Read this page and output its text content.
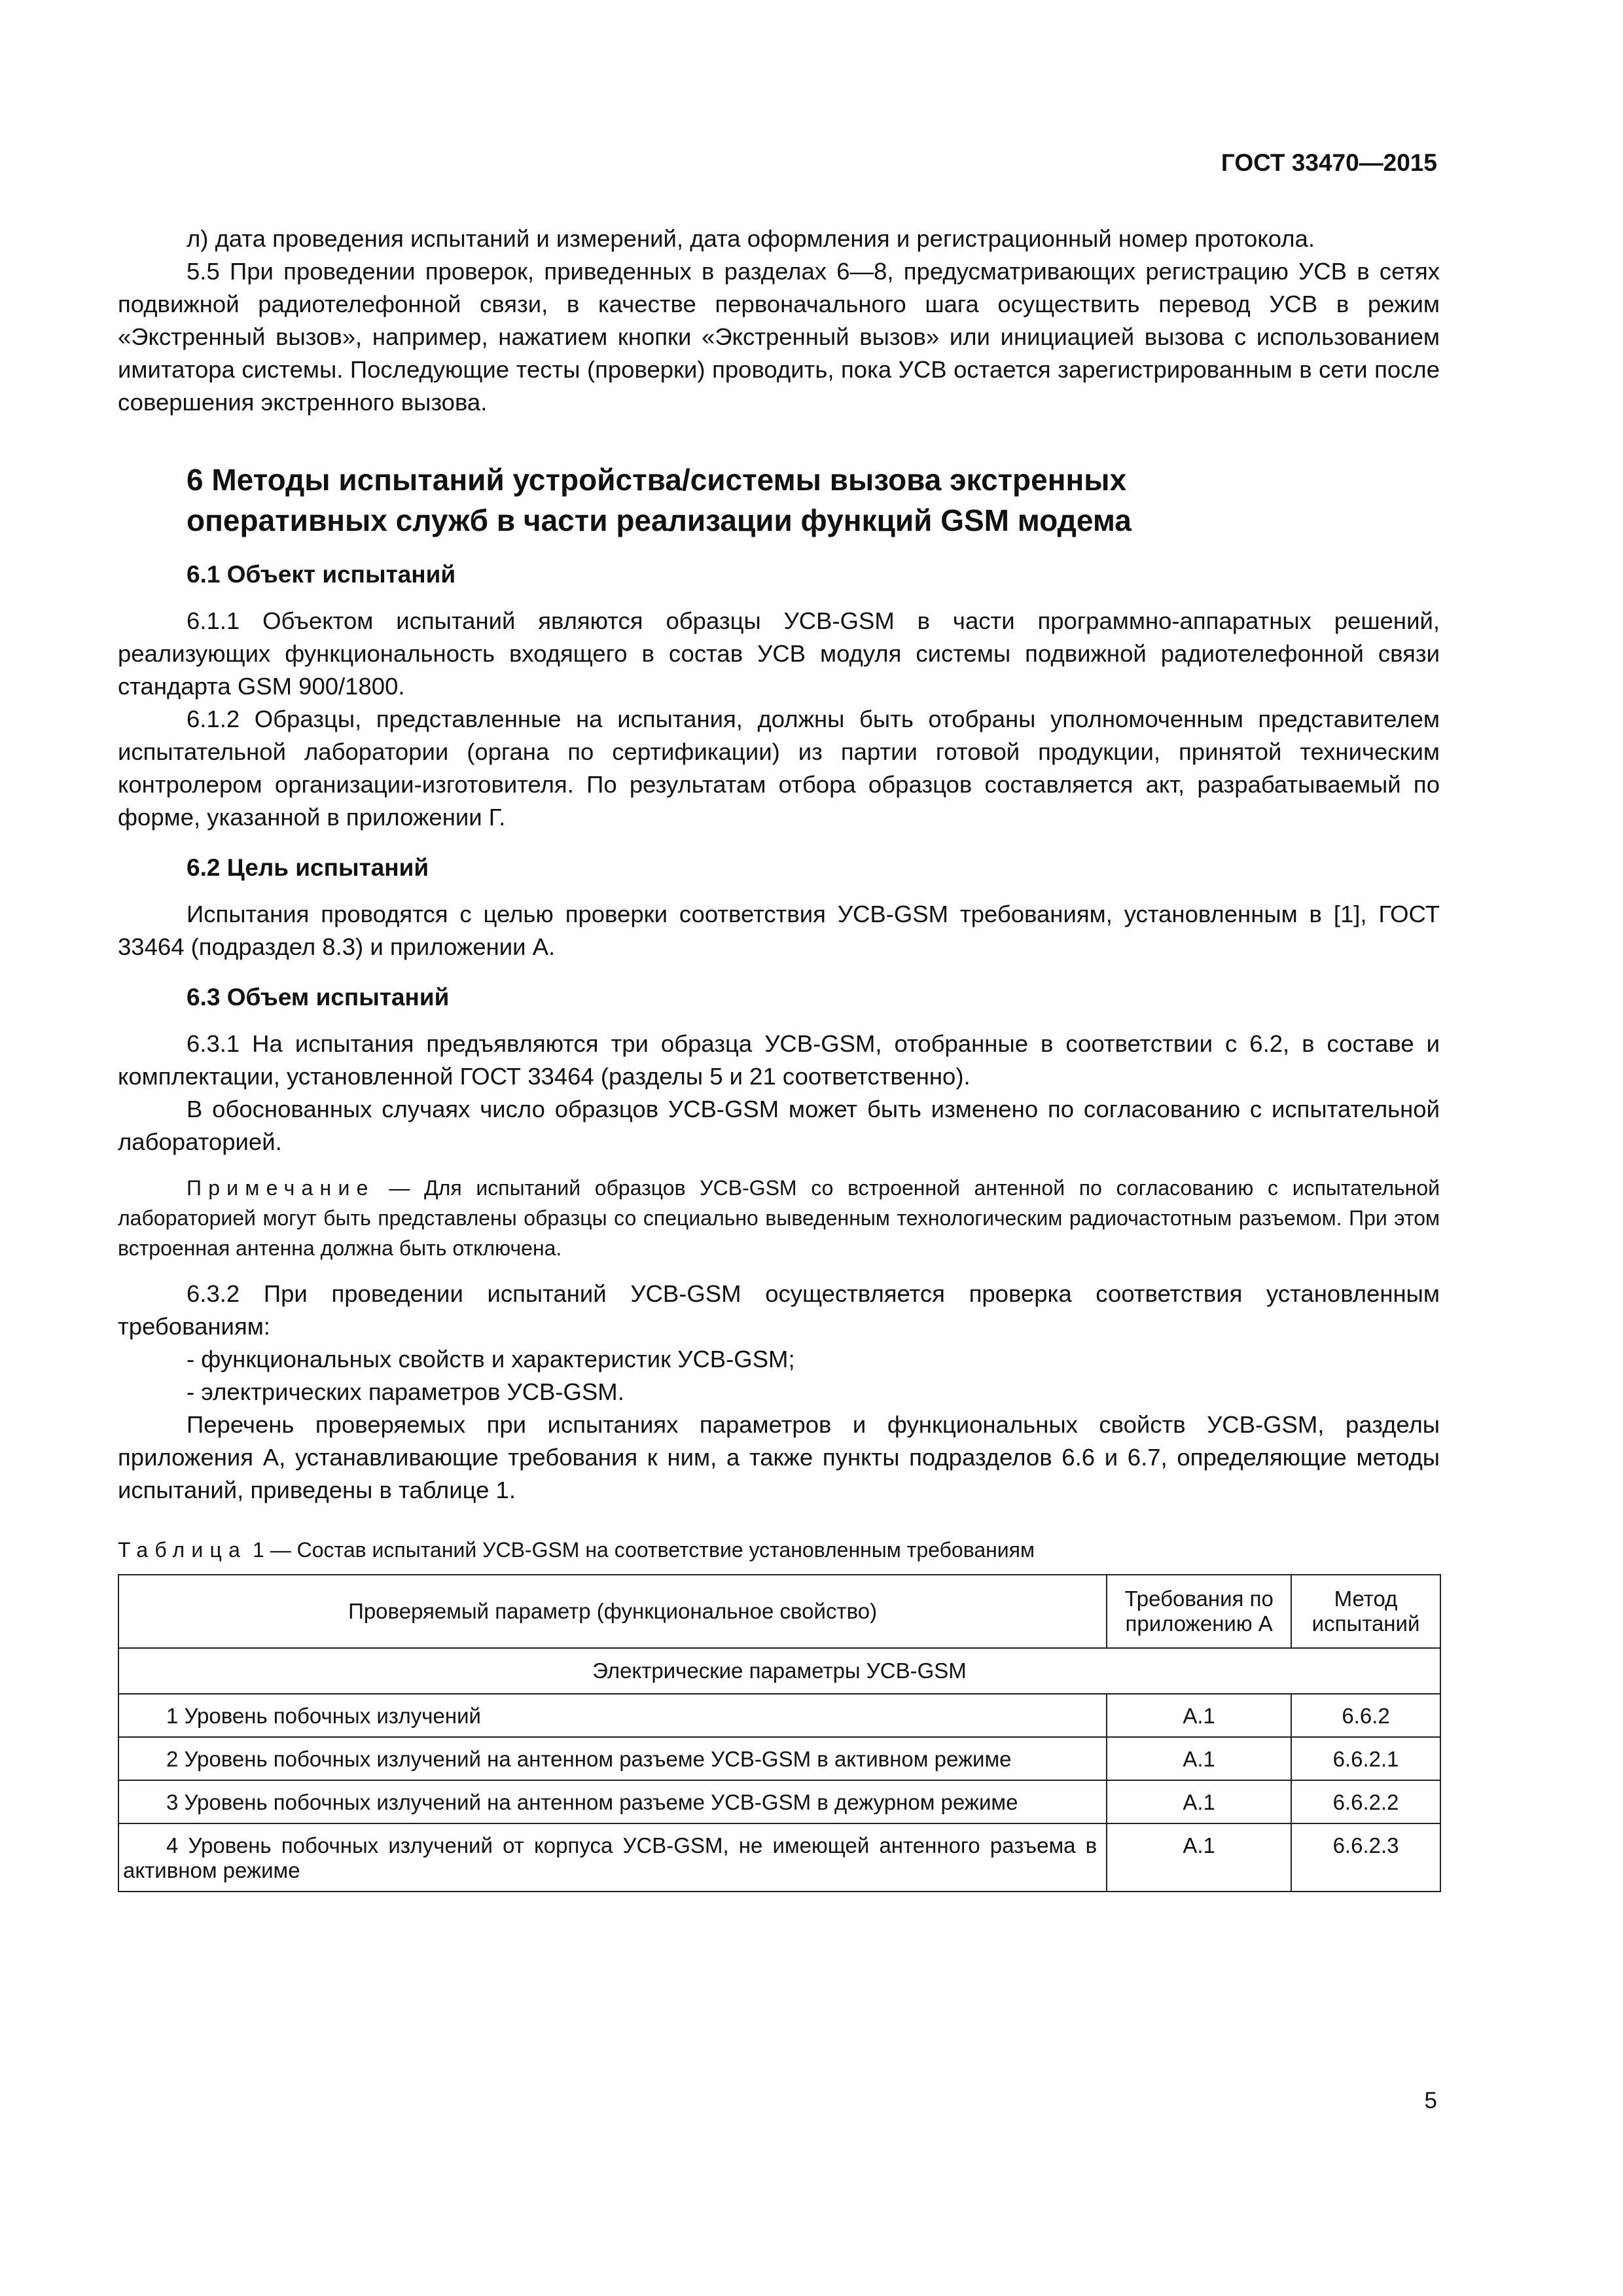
ГОСТ 33470—2015

л) дата проведения испытаний и измерений, дата оформления и регистрационный номер протокола.

5.5 При проведении проверок, приведенных в разделах 6—8, предусматривающих регистрацию УСВ в сетях подвижной радиотелефонной связи, в качестве первоначального шага осуществить перевод УСВ в режим «Экстренный вызов», например, нажатием кнопки «Экстренный вызов» или инициацией вызова с использованием имитатора системы. Последующие тесты (проверки) проводить, пока УСВ остается зарегистрированным в сети после совершения экстренного вызова.

6 Методы испытаний устройства/системы вызова экстренных
оперативных служб в части реализации функций GSM модема
6.1 Объект испытаний

6.1.1 Объектом испытаний являются образцы УСВ-GSM в части программно-аппаратных решений, реализующих функциональность входящего в состав УСВ модуля системы подвижной радиотелефонной связи стандарта GSM 900/1800.

6.1.2 Образцы, представленные на испытания, должны быть отобраны уполномоченным представителем испытательной лаборатории (органа по сертификации) из партии готовой продукции, принятой техническим контролером организации-изготовителя. По результатам отбора образцов составляется акт, разрабатываемый по форме, указанной в приложении Г.

6.2 Цель испытаний

Испытания проводятся с целью проверки соответствия УСВ-GSM требованиям, установленным в [1], ГОСТ 33464 (подраздел 8.3) и приложении А.

6.3 Объем испытаний

6.3.1 На испытания предъявляются три образца УСВ-GSM, отобранные в соответствии с 6.2, в составе и комплектации, установленной ГОСТ 33464 (разделы 5 и 21 соответственно).

В обоснованных случаях число образцов УСВ-GSM может быть изменено по согласованию с испытательной лабораторией.

Примечание — Для испытаний образцов УСВ-GSM со встроенной антенной по согласованию с испытательной лабораторией могут быть представлены образцы со специально выведенным технологическим радиочастотным разъемом. При этом встроенная антенна должна быть отключена.

6.3.2 При проведении испытаний УСВ-GSM осуществляется проверка соответствия установленным требованиям:

- функциональных свойств и характеристик УСВ-GSM;

- электрических параметров УСВ-GSM.

Перечень проверяемых при испытаниях параметров и функциональных свойств УСВ-GSM, разделы приложения А, устанавливающие требования к ним, а также пункты подразделов 6.6 и 6.7, определяющие методы испытаний, приведены в таблице 1.

Таблица 1 — Состав испытаний УСВ-GSM на соответствие установленным требованиям
Проверяемый параметр (функциональное свойство)	Требования по приложению А	Метод испытаний
Электрические параметры УСВ-GSM		
1 Уровень побочных излучений	А.1	6.6.2
2 Уровень побочных излучений на антенном разъеме УСВ-GSM в активном режиме	А.1	6.6.2.1
3 Уровень побочных излучений на антенном разъеме УСВ-GSM в дежурном режиме	А.1	6.6.2.2
4 Уровень побочных излучений от корпуса УСВ-GSM, не имеющей антенного разъема в активном режиме	А.1	6.6.2.3
5
